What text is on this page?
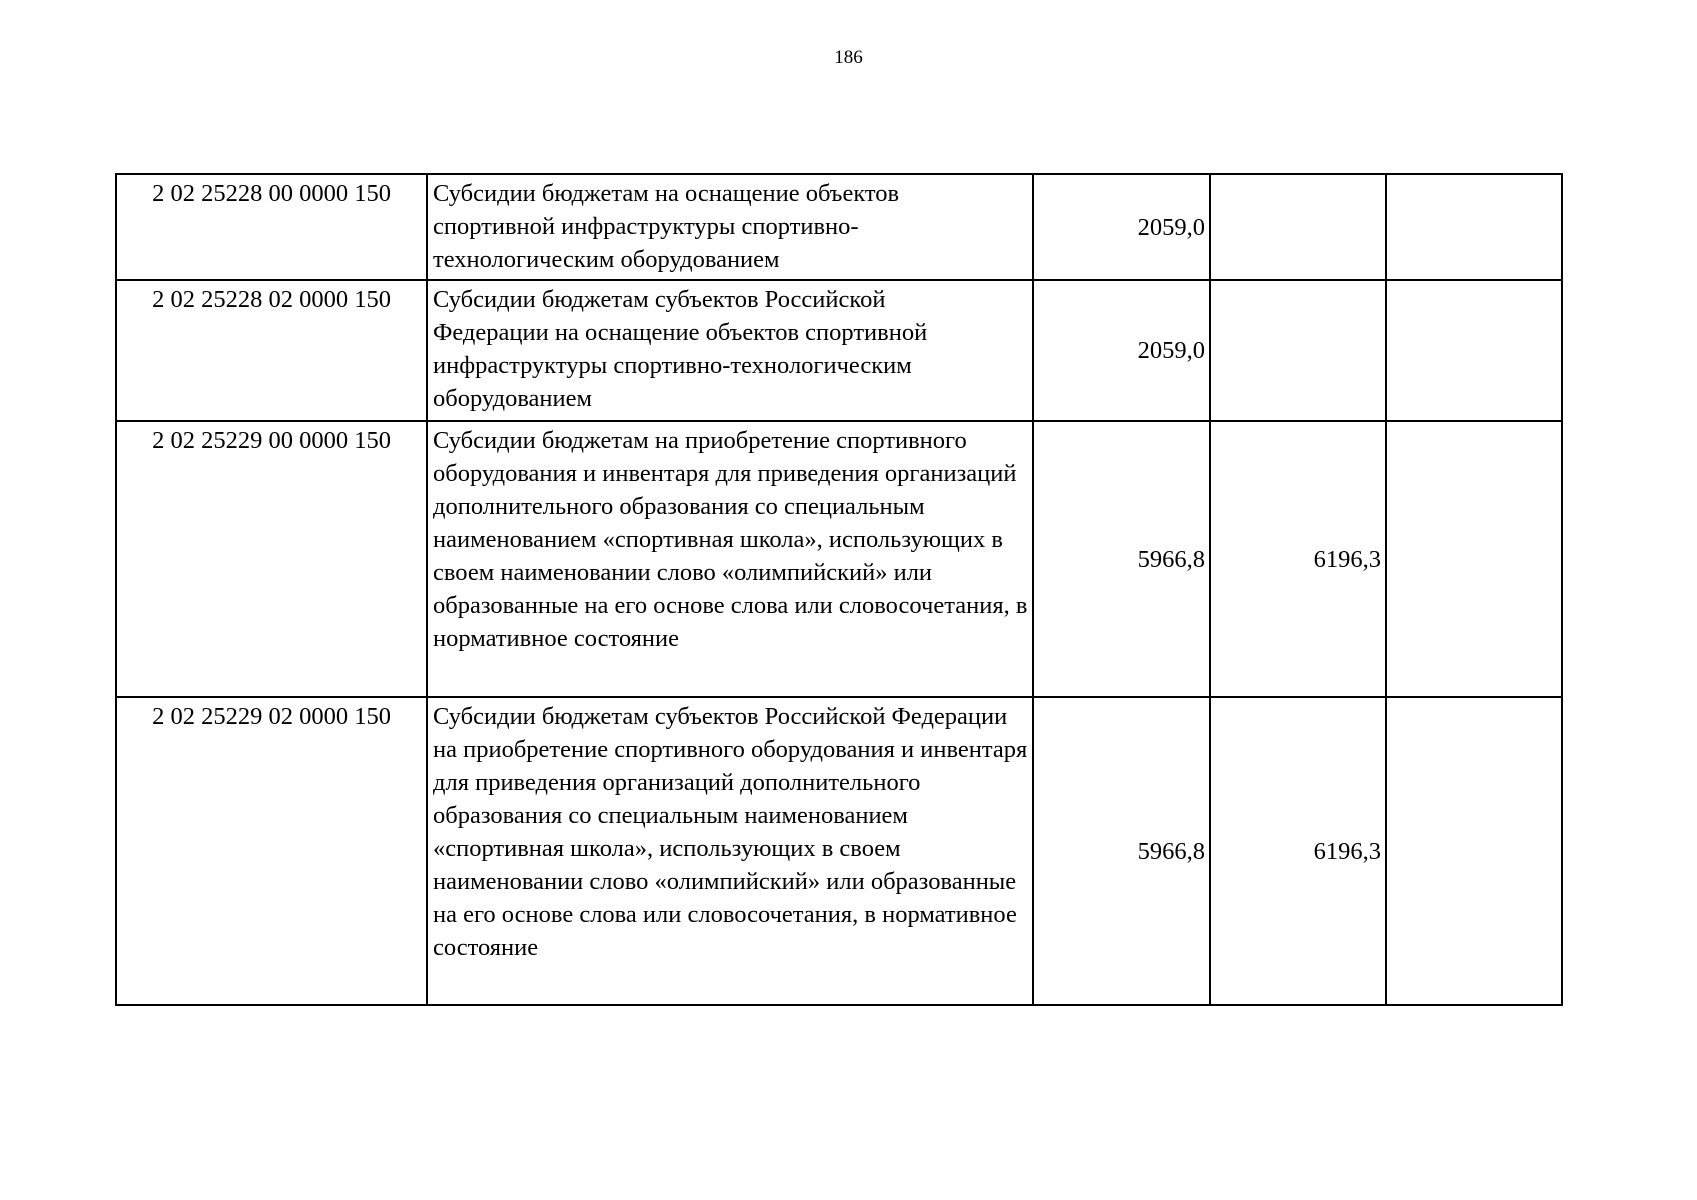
186
2 02 25228 00 0000 150	Субсидии бюджетам на оснащение объектов спортивной инфраструктуры спортивно-технологическим оборудованием	2059,0		
2 02 25228 02 0000 150	Субсидии бюджетам субъектов Российской Федерации на оснащение объектов спортивной инфраструктуры спортивно-технологическим оборудованием	2059,0		
2 02 25229 00 0000 150	Субсидии бюджетам на приобретение спортивного оборудования и инвентаря для приведения организаций дополнительного образования со специальным наименованием «спортивная школа», использующих в своем наименовании слово «олимпийский» или образованные на его основе слова или словосочетания, в нормативное состояние	5966,8	6196,3	
2 02 25229 02 0000 150	Субсидии бюджетам субъектов Российской Федерации на приобретение спортивного оборудования и инвентаря для приведения организаций дополнительного образования со специальным наименованием «спортивная школа», использующих в своем наименовании слово «олимпийский» или образованные на его основе слова или словосочетания, в нормативное состояние	5966,8	6196,3	
